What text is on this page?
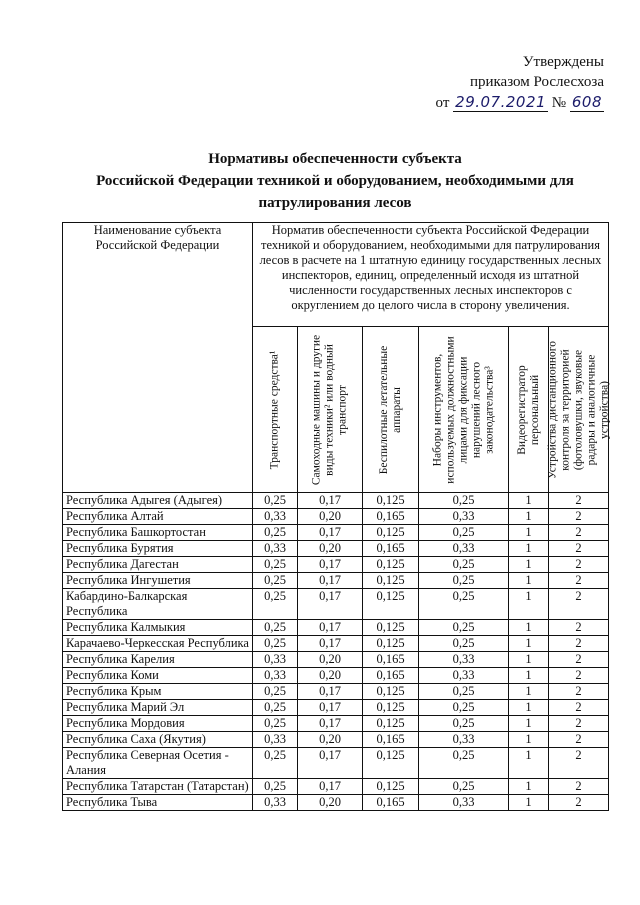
Утверждены
приказом Рослесхоза
от 29.07.2021 № 608
Нормативы обеспеченности субъекта
Российской Федерации техникой и оборудованием, необходимыми для
патрулирования лесов
Наименование субъекта Российской Федерации	Норматив обеспеченности субъекта Российской Федерации техникой и оборудованием, необходимыми для патрулирования лесов в расчете на 1 штатную единицу государственных лесных инспекторов, единиц, определенный исходя из штатной численности государственных лесных инспекторов с округлением до целого числа в сторону увеличения.					

	Транспортные средства¹	Самоходные машины и другие виды техники² или водный транспорт	Беспилотные летательные аппараты	Наборы инструментов, используемых должностными лицами для фиксации нарушений лесного законодательства³	Видеорегистратор персональный	Устройства дистанционного контроля за территорией (фотоловушки, звуковые радары и аналогичные устройства)

Республика Адыгея (Адыгея)	0,25	0,17	0,125	0,25	1	2
Республика Алтай	0,33	0,20	0,165	0,33	1	2
Республика Башкортостан	0,25	0,17	0,125	0,25	1	2
Республика Бурятия	0,33	0,20	0,165	0,33	1	2
Республика Дагестан	0,25	0,17	0,125	0,25	1	2
Республика Ингушетия	0,25	0,17	0,125	0,25	1	2
Кабардино-Балкарская Республика	0,25	0,17	0,125	0,25	1	2
Республика Калмыкия	0,25	0,17	0,125	0,25	1	2
Карачаево-Черкесская Республика	0,25	0,17	0,125	0,25	1	2
Республика Карелия	0,33	0,20	0,165	0,33	1	2
Республика Коми	0,33	0,20	0,165	0,33	1	2
Республика Крым	0,25	0,17	0,125	0,25	1	2
Республика Марий Эл	0,25	0,17	0,125	0,25	1	2
Республика Мордовия	0,25	0,17	0,125	0,25	1	2
Республика Саха (Якутия)	0,33	0,20	0,165	0,33	1	2
Республика Северная Осетия - Алания	0,25	0,17	0,125	0,25	1	2
Республика Татарстан (Татарстан)	0,25	0,17	0,125	0,25	1	2
Республика Тыва	0,33	0,20	0,165	0,33	1	2
